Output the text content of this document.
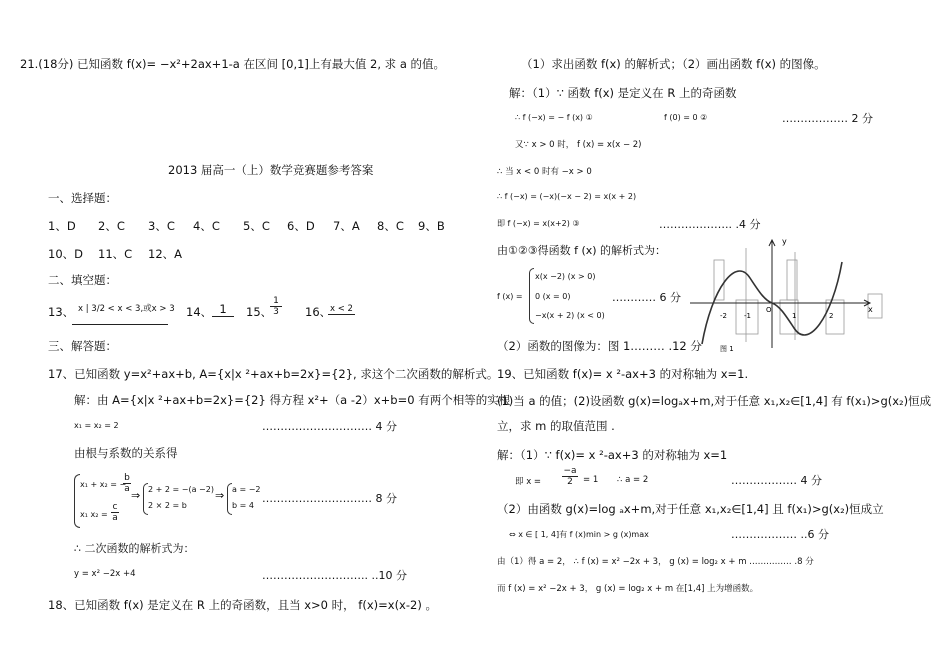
21.(18分) 已知函数 f(x)= −x²+2ax+1-a 在区间 [0,1]上有最大值 2, 求 a 的值。
2013 届高一（上）数学竞赛题参考答案
一、选择题：
1、D 2、C 3、C 4、C 5、C 6、D 7、A 8、C 9、B
10、D 11、C 12、A
二、填空题：
13、 x | 3/2 < x < 3,或x > 3 14、 1	15、
$\frac{1}{3} 16$、
x < 2
三、解答题：
17、已知函数 y=x²+ax+b, A={x|x ²+ax+b=2x}={2}, 求这个二次函数的解析式。
解：由 A={x|x ²+ax+b=2x}={2} 得方程 x²+（a -2）x+b=0 有两个相等的实根
x₁ = x₂ = 2	………………………… 4 分
由根与系数的关系得
x₁ + x₂ = −
$\frac{b}{a}$
x₁ $x_2 = \frac{c}{a}$
⇒ 2 + 2 = −(a −2)
2 × 2 = b
⇒ a = −2
b = 4
………………………… 8 分
∴ 二次函数的解析式为：
y = x² −2x +4	……………………….. ..10 分
18、已知函数 f(x) 是定义在 R 上的奇函数，且当 x>0 时， f(x)=x(x-2) 。
（1）求出函数 f(x) 的解析式；（2）画出函数 f(x) 的图像。
解：（1）∵ 函数 f(x) 是定义在 R 上的奇函数
∴ f (−x) = − f (x) ①	f (0) = 0 ②	……………… 2 分
又∵ x > 0 时， f (x) = x(x − 2)
∴ 当 x < 0 时有 −x > 0
∴ f (−x) = (−x)(−x − 2) = x(x + 2)
即 f (−x) = x(x+2) ③	……………….. .4 分
由①②③得函数 f (x) 的解析式为：
f (x) =
x(x −2) (x > 0)
0 (x = 0)
−x(x + 2) (x < 0)
………… 6 分
y
x
O
-2 -1	1	2
图 1
（2）函数的图像为：图 1……… .12 分
19、已知函数 f(x)= x ²-ax+3 的对称轴为 x=1.
(1)当 a 的值；(2)设函数 g(x)=logₐx+m,对于任意 x₁,x₂∈[1,4] 有 f(x₁)>g(x₂)恒成
立，求 m 的取值范围 .
解：（1）∵ f(x)= x ²-ax+3 的对称轴为 x=1
即 $x = \frac{-a}{2} = 1$ ∴ a = 2	……………… 4 分
（2）由函数 g(x)=log ₐx+m,对于任意 x₁,x₂∈[1,4] 且 f(x₁)>g(x₂)恒成立
⇔ x ∈ [ 1, 4]有 f (x)min > g (x)max	……………… ..6 分
由（1）得 a = 2， ∴ f (x) = x² −2x + 3， g (x) = log₂ x + m …………… .8 分
而 f (x) = x² −2x + 3， g (x) = log₂ x + m 在[1,4] 上为增函数。
